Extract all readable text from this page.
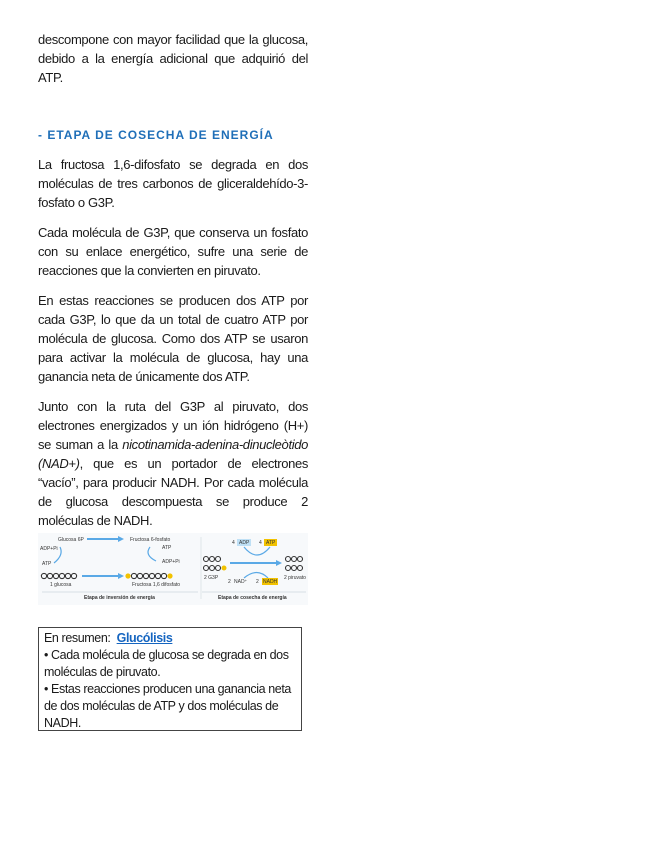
descompone con mayor facilidad que la glucosa, debido a la energía adicional que adquirió del ATP.

- ETAPA DE COSECHA DE ENERGÍA

La fructosa 1,6-difosfato se degrada en dos moléculas de tres carbonos de gliceraldehído-3-fosfato o G3P.

Cada molécula de G3P, que conserva un fosfato con su enlace energético, sufre una serie de reacciones que la convierten en piruvato.

En estas reacciones se producen dos ATP por cada G3P, lo que da un total de cuatro ATP por molécula de glucosa. Como dos ATP se usaron para activar la molécula de glucosa, hay una ganancia neta de únicamente dos ATP.

Junto con la ruta del G3P al piruvato, dos electrones energizados y un ión hidrógeno (H+) se suman a la nicotinamida-adenina-dinucleòtido (NAD+), que es un portador de electrones “vacío”, para producir NADH. Por cada molécula de glucosa descompuesta se produce 2 moléculas de NADH.

Glucosa 6P	Fructosa 6-fosfato
ADP+Pi
ATP
ATP
ADP+Pi
1 glucosa	Fructosa 1,6 difosfato
Etapa de inversión de energía
4 ADP 4 ATP
2 G3P
2 NAD⁺ 2 NADH
2 piruvato
Etapa de cosecha de energía

En resumen: Glucólisis

• Cada molécula de glucosa se degrada en dos moléculas de piruvato.

• Estas reacciones producen una ganancia neta de dos moléculas de ATP y dos moléculas de NADH.
